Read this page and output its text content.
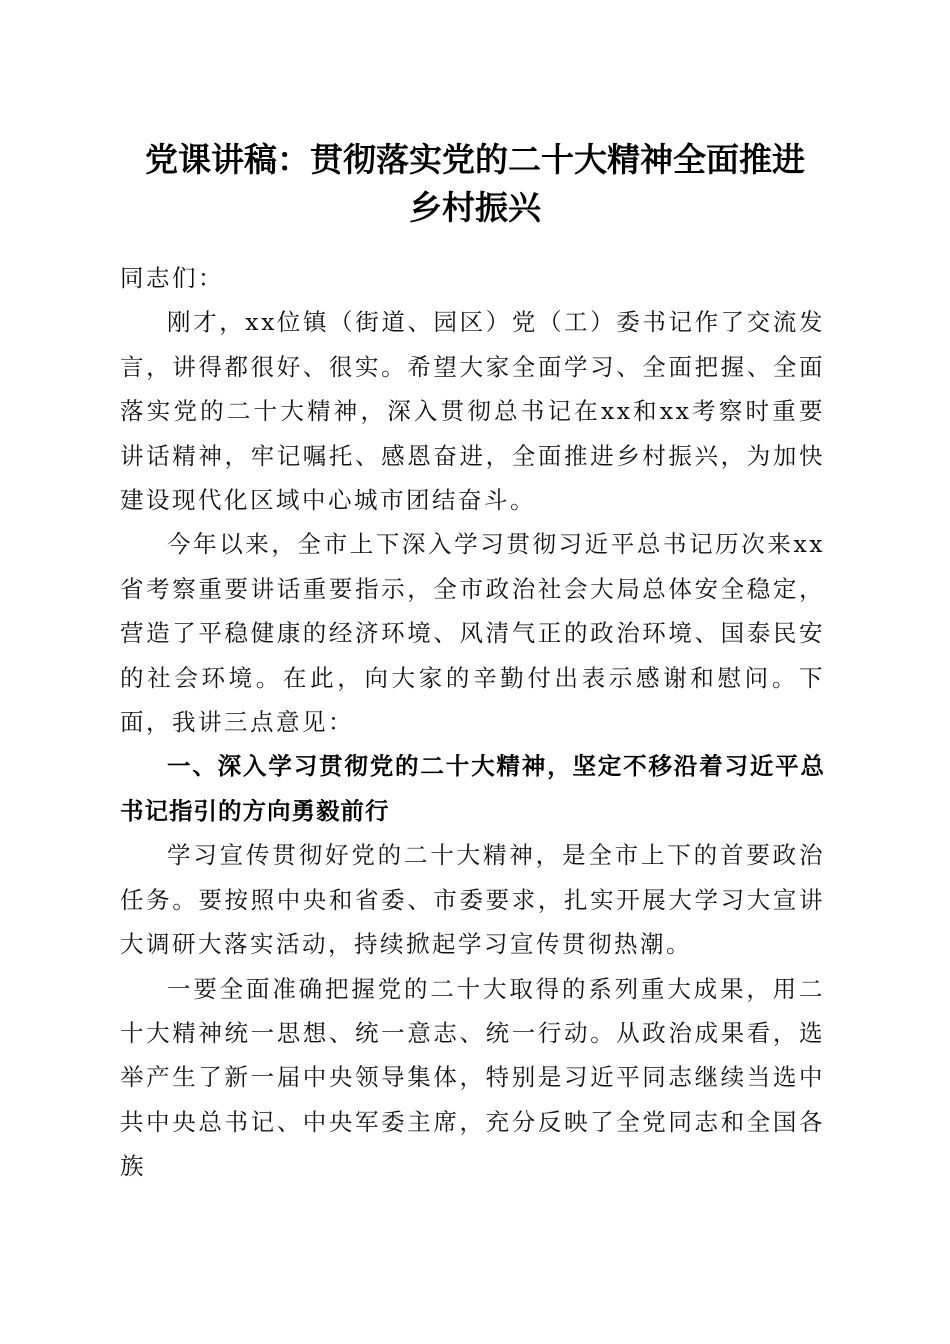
党课讲稿：贯彻落实党的二十大精神全面推进
乡村振兴

同志们：

刚才，xx位镇（街道、园区）党（工）委书记作了交流发言，讲得都很好、很实。希望大家全面学习、全面把握、全面落实党的二十大精神，深入贯彻总书记在xx和xx考察时重要讲话精神，牢记嘱托、感恩奋进，全面推进乡村振兴，为加快建设现代化区域中心城市团结奋斗。

今年以来，全市上下深入学习贯彻习近平总书记历次来xx省考察重要讲话重要指示，全市政治社会大局总体安全稳定，营造了平稳健康的经济环境、风清气正的政治环境、国泰民安的社会环境。在此，向大家的辛勤付出表示感谢和慰问。下面，我讲三点意见：

一、深入学习贯彻党的二十大精神，坚定不移沿着习近平总书记指引的方向勇毅前行

学习宣传贯彻好党的二十大精神，是全市上下的首要政治任务。要按照中央和省委、市委要求，扎实开展大学习大宣讲大调研大落实活动，持续掀起学习宣传贯彻热潮。

一要全面准确把握党的二十大取得的系列重大成果，用二十大精神统一思想、统一意志、统一行动。从政治成果看，选举产生了新一届中央领导集体，特别是习近平同志继续当选中共中央总书记、中央军委主席，充分反映了全党同志和全国各族
